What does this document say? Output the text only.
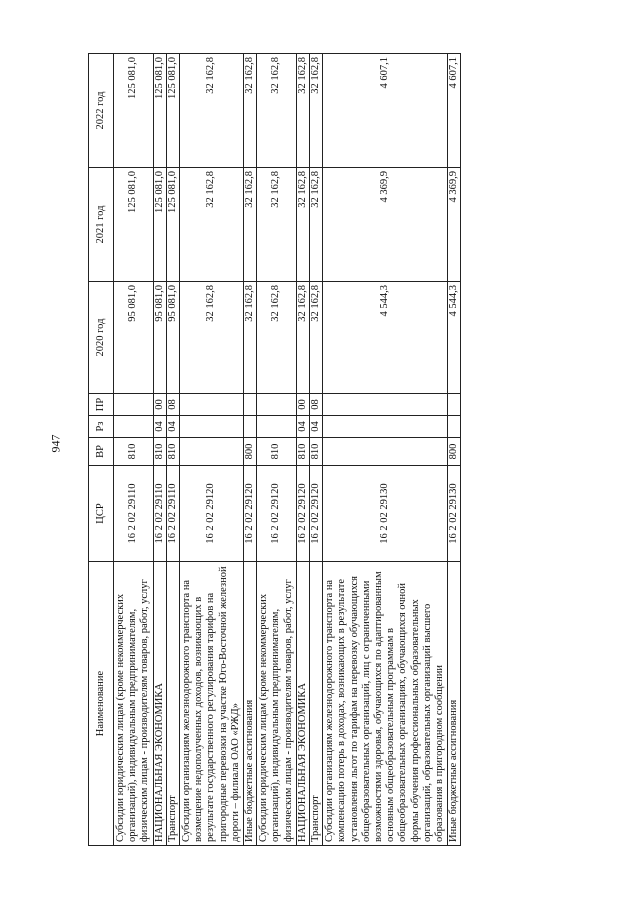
947
Наименование	ЦСР	ВР	Рз	ПР	2020 год	2021 год	2022 год
Субсидии юридическим лицам (кроме некоммерческих организаций), индивидуальным предпринимателям, физическим лицам - производителям товаров, работ, услуг	16 2 02 29110	810			95 081,0	125 081,0	125 081,0
НАЦИОНАЛЬНАЯ ЭКОНОМИКА	16 2 02 29110	810	04	00	95 081,0	125 081,0	125 081,0
Транспорт	16 2 02 29110	810	04	08	95 081,0	125 081,0	125 081,0
Субсидии организациям железнодорожного транспорта на возмещение недополученных доходов, возникающих в результате государственного регулирования тарифов на пригородные перевозки на участке Юго-Восточной железной дороги – филиала ОАО «РЖД»	16 2 02 29120				32 162,8	32 162,8	32 162,8
Иные бюджетные ассигнования	16 2 02 29120	800			32 162,8	32 162,8	32 162,8
Субсидии юридическим лицам (кроме некоммерческих организаций), индивидуальным предпринимателям, физическим лицам - производителям товаров, работ, услуг	16 2 02 29120	810			32 162,8	32 162,8	32 162,8
НАЦИОНАЛЬНАЯ ЭКОНОМИКА	16 2 02 29120	810	04	00	32 162,8	32 162,8	32 162,8
Транспорт	16 2 02 29120	810	04	08	32 162,8	32 162,8	32 162,8
Субсидии организациям железнодорожного транспорта на компенсацию потерь в доходах, возникающих в результате установления льгот по тарифам на перевозку обучающихся общеобразовательных организаций, лиц с ограниченными возможностями здоровья, обучающихся по адаптированным основным общеобразовательным программам в общеобразовательных организациях, обучающихся очной формы обучения профессиональных образовательных организаций, образовательных организаций высшего образования в пригородном сообщении	16 2 02 29130				4 544,3	4 369,9	4 607,1
Иные бюджетные ассигнования	16 2 02 29130	800			4 544,3	4 369,9	4 607,1
